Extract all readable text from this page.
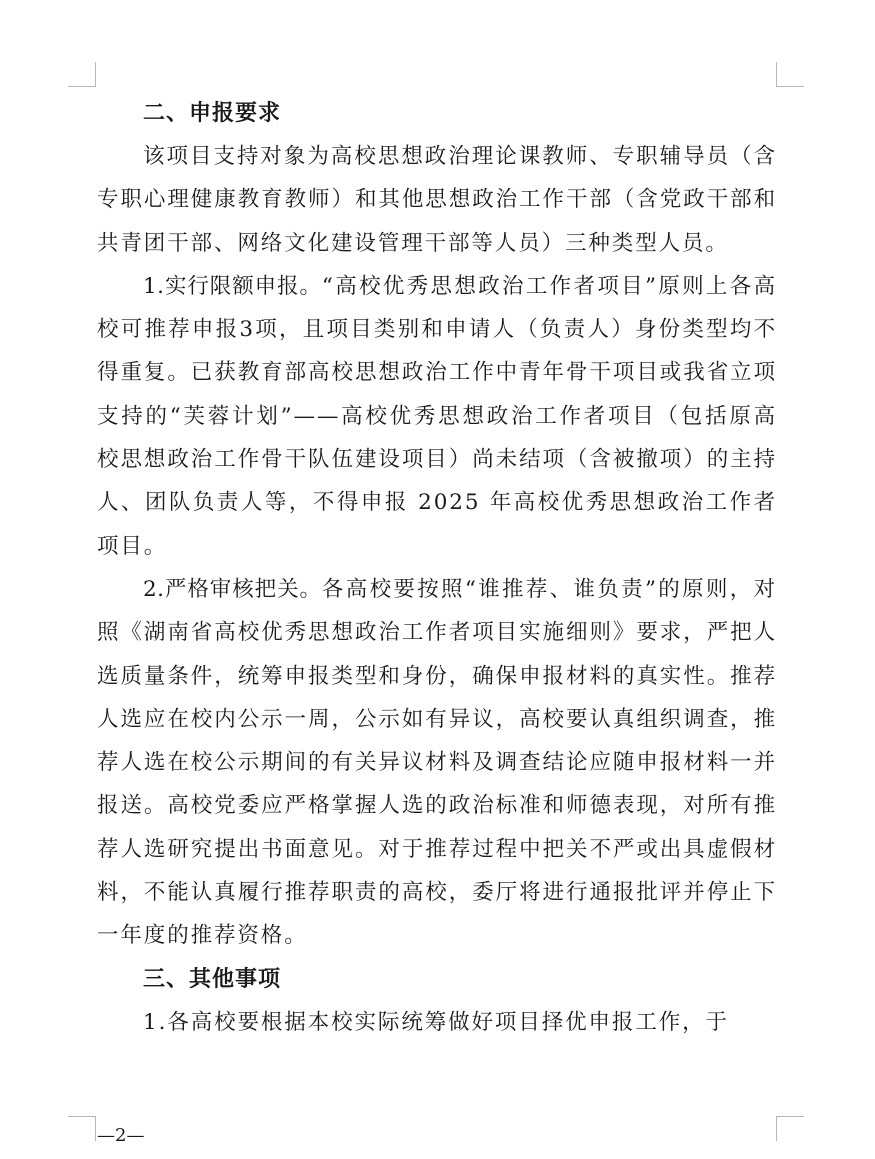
二、申报要求

该项目支持对象为高校思想政治理论课教师、专职辅导员（含专职心理健康教育教师）和其他思想政治工作干部（含党政干部和共青团干部、网络文化建设管理干部等人员）三种类型人员。

1.实行限额申报。“高校优秀思想政治工作者项目”原则上各高校可推荐申报3项，且项目类别和申请人（负责人）身份类型均不得重复。已获教育部高校思想政治工作中青年骨干项目或我省立项支持的“芙蓉计划”——高校优秀思想政治工作者项目（包括原高校思想政治工作骨干队伍建设项目）尚未结项（含被撤项）的主持人、团队负责人等，不得申报 2025 年高校优秀思想政治工作者项目。

2.严格审核把关。各高校要按照“谁推荐、谁负责”的原则，对照《湖南省高校优秀思想政治工作者项目实施细则》要求，严把人选质量条件，统筹申报类型和身份，确保申报材料的真实性。推荐人选应在校内公示一周，公示如有异议，高校要认真组织调查，推荐人选在校公示期间的有关异议材料及调查结论应随申报材料一并报送。高校党委应严格掌握人选的政治标准和师德表现，对所有推荐人选研究提出书面意见。对于推荐过程中把关不严或出具虚假材料，不能认真履行推荐职责的高校，委厅将进行通报批评并停止下一年度的推荐资格。

三、其他事项

1.各高校要根据本校实际统筹做好项目择优申报工作，于

—2—
